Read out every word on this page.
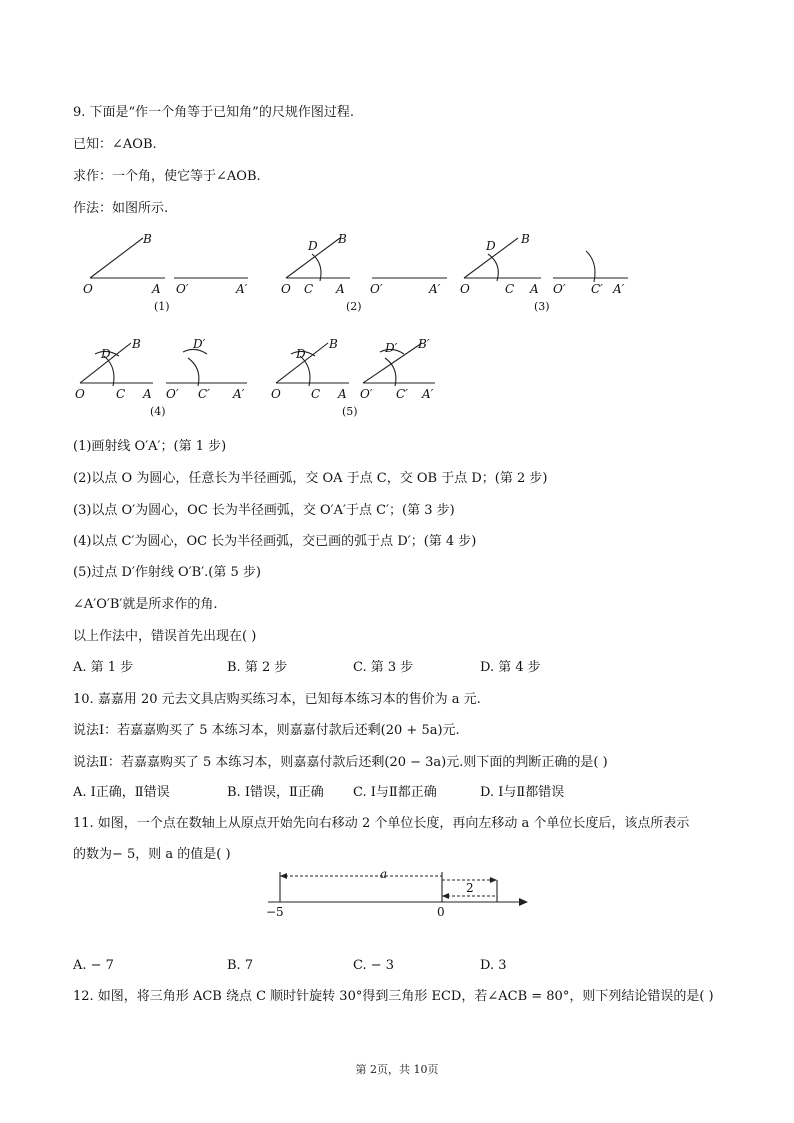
9. 下面是“作一个角等于已知角”的尺规作图过程.
已知：∠AOB.
求作：一个角，使它等于∠AOB.
作法：如图所示.
B
O	A O′	A′
(1)
B
D
O C A O′	A′
(2)
B
D
O	C A O′ C′ A′
(3)
B
D
O	C A
D′
O′ C′ A′
(4)
B
D
O	C A
B′
D′
O′ C′ A′
(5)
(1)画射线 O′A′；(第 1 步)
(2)以点 O 为圆心，任意长为半径画弧，交 OA 于点 C，交 OB 于点 D；(第 2 步)
(3)以点 O′为圆心，OC 长为半径画弧，交 O′A′于点 C′；(第 3 步)
(4)以点 C′为圆心，OC 长为半径画弧，交已画的弧于点 D′；(第 4 步)
(5)过点 D′作射线 O′B′.(第 5 步)
∠A′O′B′就是所求作的角.
以上作法中，错误首先出现在( )
A. 第 1 步	B. 第 2 步	C. 第 3 步	D. 第 4 步
10. 嘉嘉用 20 元去文具店购买练习本，已知每本练习本的售价为 a 元.
说法Ⅰ：若嘉嘉购买了 5 本练习本，则嘉嘉付款后还剩(20 + 5a)元.
说法Ⅱ：若嘉嘉购买了 5 本练习本，则嘉嘉付款后还剩(20 − 3a)元.则下面的判断正确的是( )
A. Ⅰ正确，Ⅱ错误	B. Ⅰ错误，Ⅱ正确 C. Ⅰ与Ⅱ都正确	D. Ⅰ与Ⅱ都错误
11. 如图，一个点在数轴上从原点开始先向右移动 2 个单位长度，再向左移动 a 个单位长度后，该点所表示
的数为− 5，则 a 的值是( )
a
2
−5	0
A. − 7	B. 7	C. − 3	D. 3
12. 如图，将三角形 ACB 绕点 C 顺时针旋转 30°得到三角形 ECD，若∠ACB = 80°，则下列结论错误的是( )
第 2页，共 10页
